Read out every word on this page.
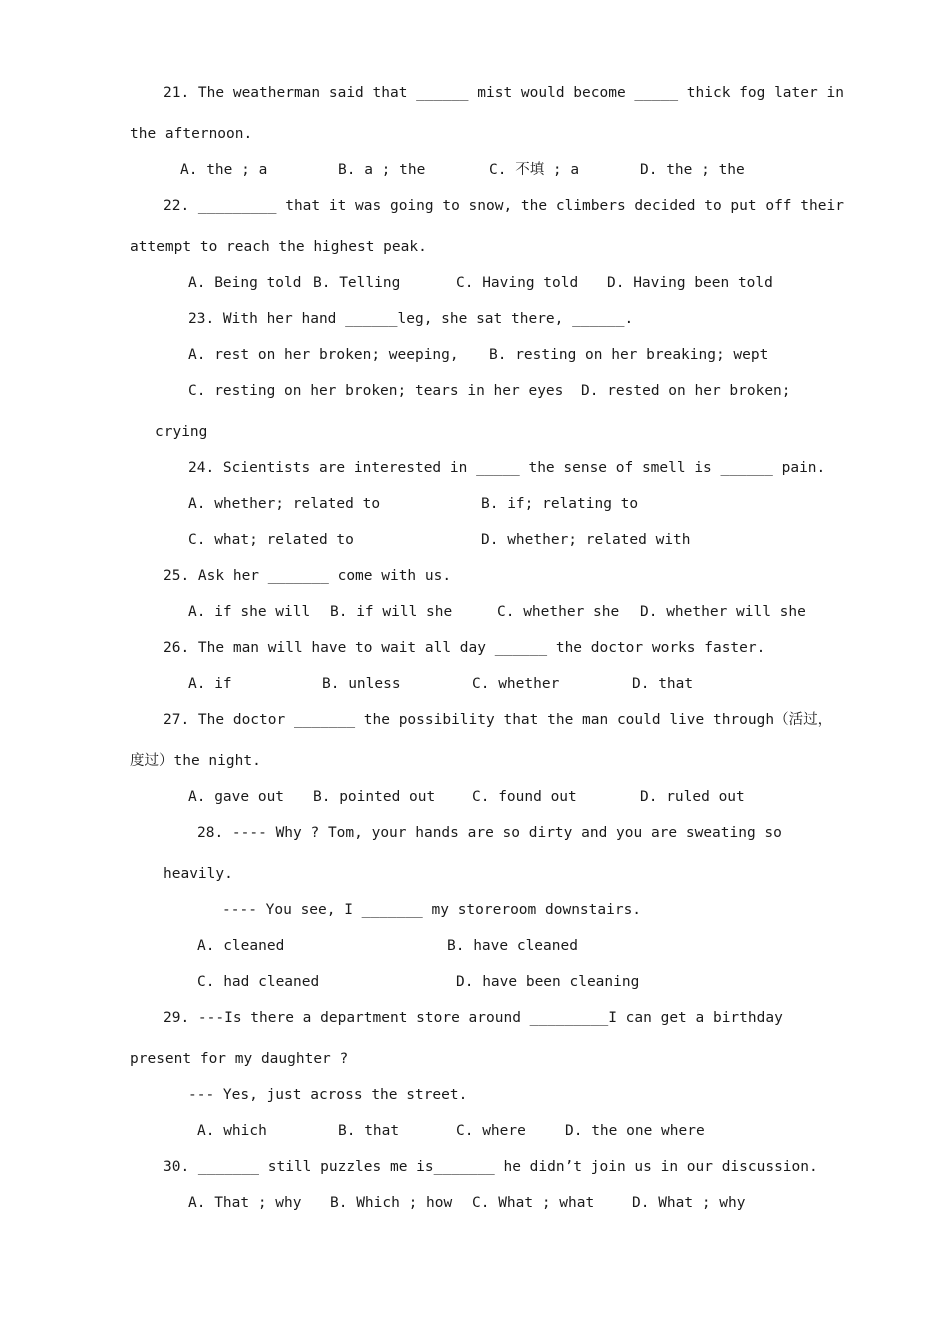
21. The weatherman said that ______ mist would become _____ thick fog later in
the afternoon.
A. the ; a	B. a ; the	C. 不填 ; a	D. the ; the
22. _________ that it was going to snow, the climbers decided to put off their
attempt to reach the highest peak.
A. Being told B. Telling	C. Having told D. Having been told
23. With her hand ______leg, she sat there, ______.
A. rest on her broken; weeping, B. resting on her breaking; wept
C. resting on her broken; tears in her eyes D. rested on her broken;
crying
24. Scientists are interested in _____ the sense of smell is ______ pain.
A. whether; related to	B. if; relating to
C. what; related to	D. whether; related with
25. Ask her _______ come with us.
A. if she will B. if will she	C. whether she D. whether will she
26. The man will have to wait all day ______ the doctor works faster.
A. if	B. unless	C. whether	D. that
27. The doctor _______ the possibility that the man could live through（活过，
度过）the night.
A. gave out B. pointed out	C. found out	D. ruled out
28. ---- Why ? Tom, your hands are so dirty and you are sweating so
heavily.
---- You see, I _______ my storeroom downstairs.
A. cleaned	B. have cleaned
C. had cleaned	D. have been cleaning
29. ---Is there a department store around _________I can get a birthday
present for my daughter ?
--- Yes, just across the street.
A. which	B. that	C. where	D. the one where
30. _______ still puzzles me is_______ he didn’t join us in our discussion.
A. That ; why B. Which ; how C. What ; what	D. What ; why
